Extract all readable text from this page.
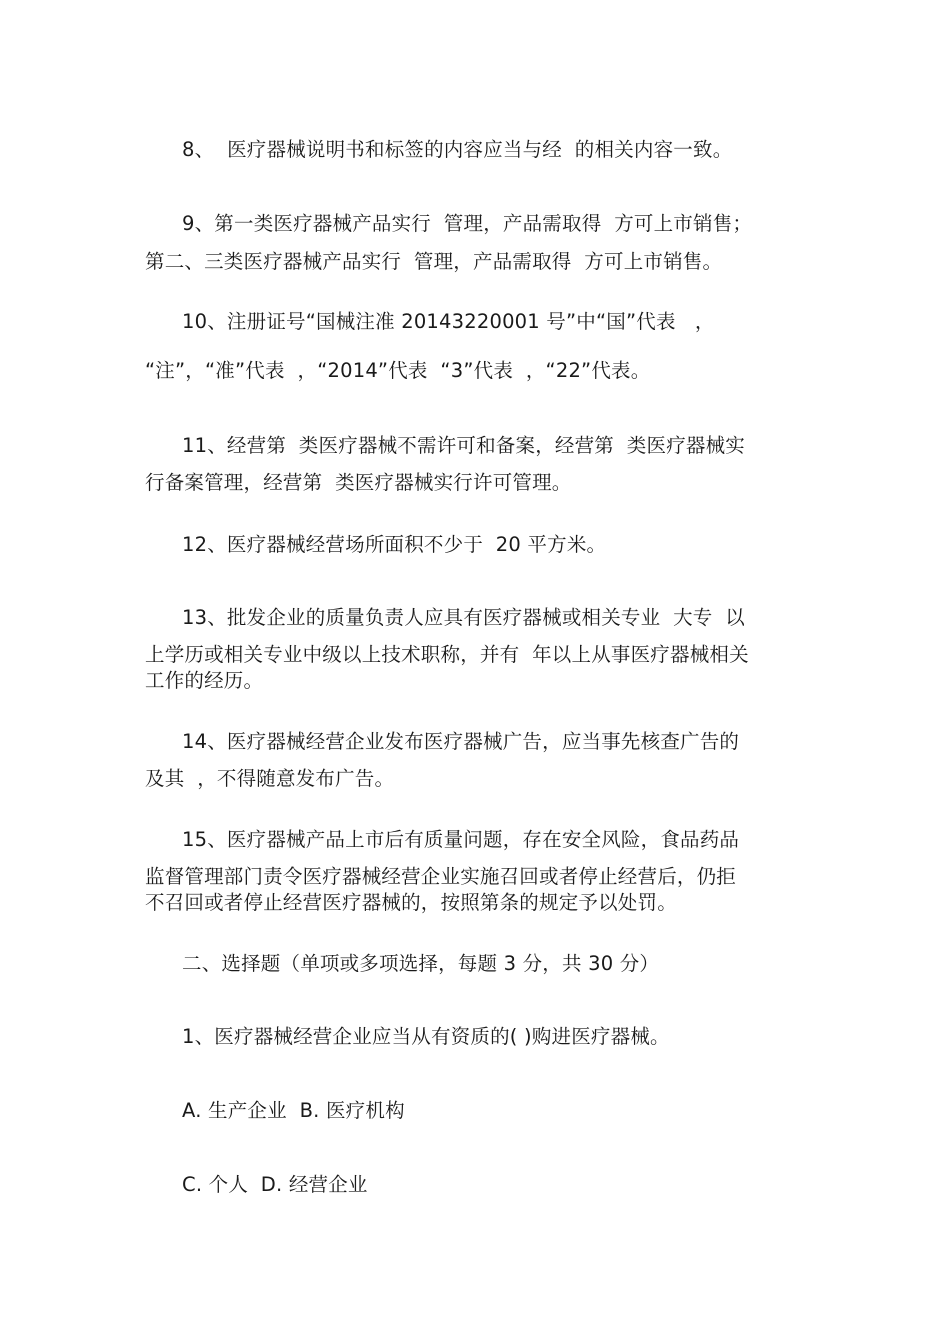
8、  医疗器械说明书和标签的内容应当与经  的相关内容一致。
9、第一类医疗器械产品实行  管理，产品需取得  方可上市销售；
第二、三类医疗器械产品实行  管理，产品需取得  方可上市销售。
10、注册证号“国械注准 20143220001 号”中“国”代表   ，
“注”，“准”代表  ，“2014”代表  “3”代表  ，“22”代表。
11、经营第  类医疗器械不需许可和备案，经营第  类医疗器械实
行备案管理，经营第  类医疗器械实行许可管理。
12、医疗器械经营场所面积不少于  20 平方米。
13、批发企业的质量负责人应具有医疗器械或相关专业  大专  以
上学历或相关专业中级以上技术职称，并有  年以上从事医疗器械相关
工作的经历。
14、医疗器械经营企业发布医疗器械广告，应当事先核查广告的
及其  ，不得随意发布广告。
15、医疗器械产品上市后有质量问题，存在安全风险，食品药品
监督管理部门责令医疗器械经营企业实施召回或者停止经营后，仍拒
不召回或者停止经营医疗器械的，按照第条的规定予以处罚。
二、选择题（单项或多项选择，每题 3 分，共 30 分）
1、医疗器械经营企业应当从有资质的( )购进医疗器械。
A. 生产企业  B. 医疗机构
C. 个人  D. 经营企业
